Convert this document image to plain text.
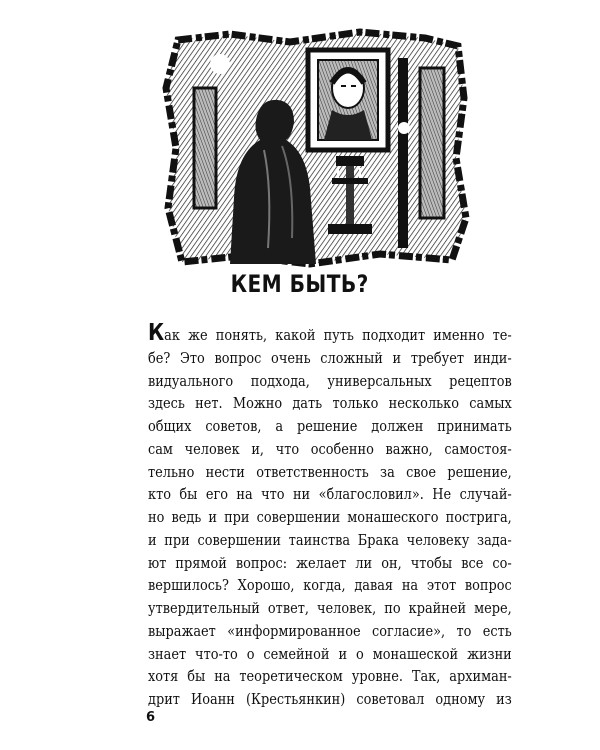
КЕМ БЫТЬ?
Как же понять, какой путь подходит именно те-
бе? Это вопрос очень сложный и требует инди-
видуального подхода, универсальных рецептов
здесь нет. Можно дать только несколько самых
общих советов, а решение должен принимать
сам человек и, что особенно важно, самостоя-
тельно нести ответственность за свое решение,
кто бы его на что ни «благословил». Не случай-
но ведь и при совершении монашеского пострига,
и при совершении таинства Брака человеку зада-
ют прямой вопрос: желает ли он, чтобы все со-
вершилось? Хорошо, когда, давая на этот вопрос
утвердительный ответ, человек, по крайней мере,
выражает «информированное согласие», то есть
знает что-то о семейной и о монашеской жизни
хотя бы на теоретическом уровне. Так, архиман-
дрит Иоанн (Крестьянкин) советовал одному из
6
